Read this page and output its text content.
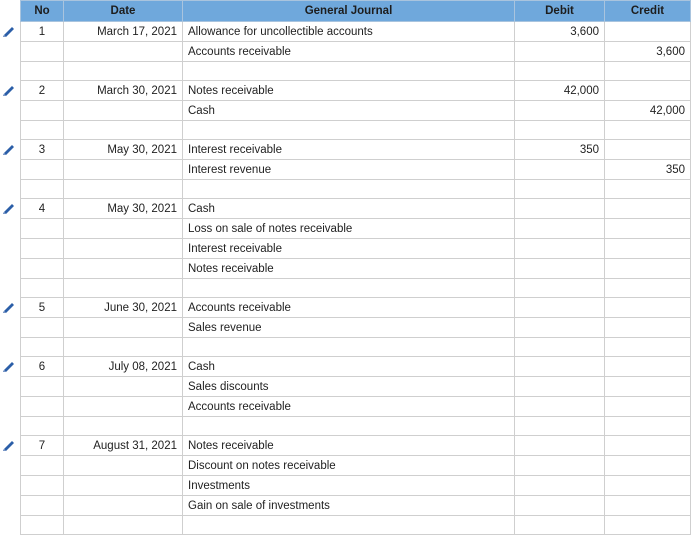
No	Date	General Journal	Debit	Credit
1	March 17, 2021	Allowance for uncollectible accounts	3,600	
		Accounts receivable		3,600

2	March 30, 2021	Notes receivable	42,000	
		Cash		42,000

3	May 30, 2021	Interest receivable	350	
		Interest revenue		350

4	May 30, 2021	Cash		
		Loss on sale of notes receivable		
		Interest receivable		
		Notes receivable		

5	June 30, 2021	Accounts receivable		
		Sales revenue		

6	July 08, 2021	Cash		
		Sales discounts		
		Accounts receivable		

7	August 31, 2021	Notes receivable		
		Discount on notes receivable		
		Investments		
		Gain on sale of investments		
